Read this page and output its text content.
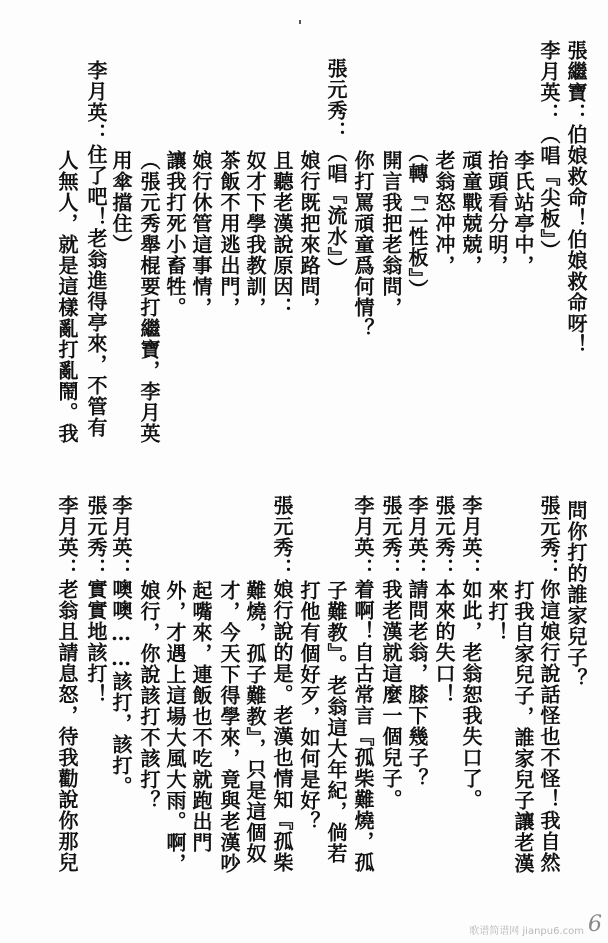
張繼寶：伯娘救命！伯娘救命呀！
李月英：（唱『尖板』）
李氏站亭中，
抬頭看分明，
頑童戰兢兢，
老翁怒冲冲，
（轉『二性板』）
開言我把老翁問，
你打罵頑童爲何情？
張元秀：（唱『流水』）
娘行既把來路問，
且聽老漢說原因：
奴才下學我教訓，
茶飯不用逃出門，
娘行休管這事情，
讓我打死小畜牲。
（張元秀舉棍要打繼寶，李月英
用傘擋住）
李月英：住了吧！老翁進得亭來，不管有
人無人，就是這樣亂打亂鬧。我
問你打的誰家兒子？
張元秀：你這娘行說話怪也不怪！我自然
打我自家兒子，誰家兒子讓老漢
來打！
李月英：如此，老翁恕我失口了。
張元秀：本來的失口！
李月英：請問老翁，膝下幾子？
張元秀：我老漢就這麼一個兒子。
李月英：着啊！自古常言『孤柴難燒，孤
子難教』。老翁這大年紀，倘若
打他有個好歹，如何是好？
張元秀：娘行說的是。老漢也情知『孤柴
難燒，孤子難教』，只是這個奴
才，今天下得學來，竟與老漢吵
起嘴來，連飯也不吃就跑出門
外，才遇上這場大風大雨。啊，
娘行，你說該打不該打？
李月英：噢噢……該打，該打。
張元秀：實實地該打！
李月英：老翁且請息怒，待我勸說你那兒
歌谱简谱网 jianpu6.com 6
